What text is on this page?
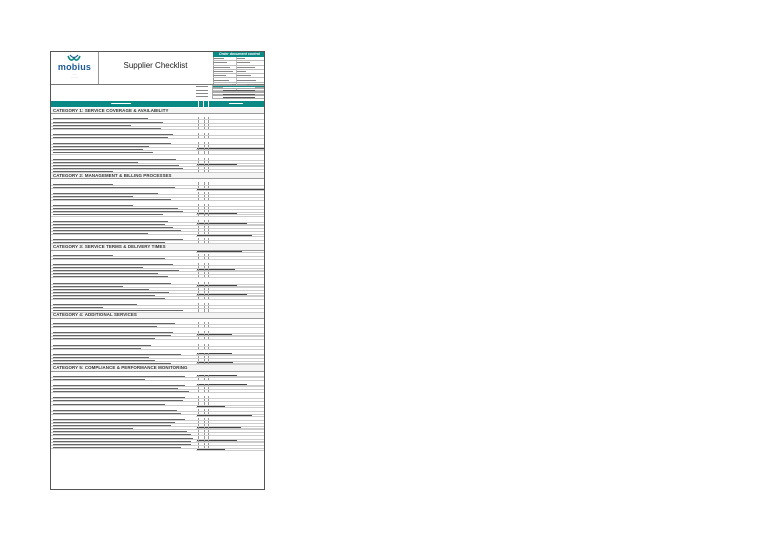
mobius
·······
···········
Supplier Checklist
Order document control
CATEGORY 1: SERVICE COVERAGE & AVAILABILITY
CATEGORY 2: MANAGEMENT & BILLING PROCESSES
CATEGORY 3: SERVICE TERMS & DELIVERY TIMES
CATEGORY 4: ADDITIONAL SERVICES
CATEGORY 5: COMPLIANCE & PERFORMANCE MONITORING
